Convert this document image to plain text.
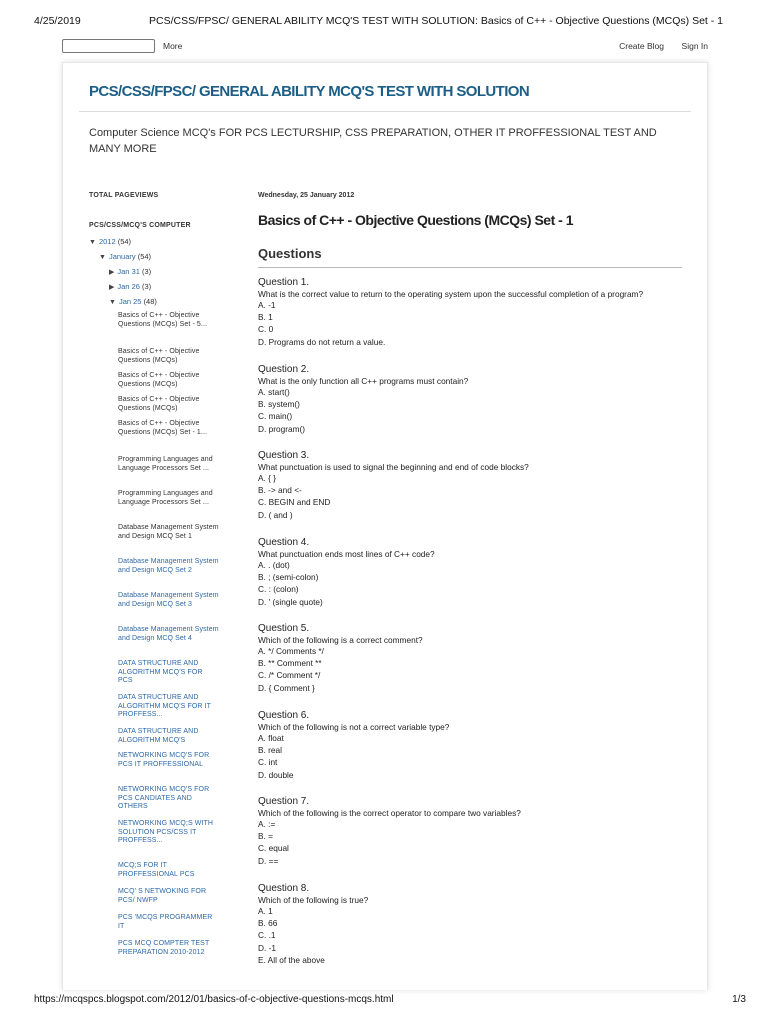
4/25/2019	PCS/CSS/FPSC/ GENERAL ABILITY MCQ'S TEST WITH SOLUTION: Basics of C++ - Objective Questions (MCQs) Set - 1
More	Create Blog Sign In
PCS/CSS/FPSC/ GENERAL ABILITY MCQ'S TEST WITH SOLUTION
Computer Science MCQ's FOR PCS LECTURSHIP, CSS PREPARATION, OTHER IT PROFFESSIONAL TEST AND MANY MORE
TOTAL PAGEVIEWS
PCS/CSS/MCQ'S COMPUTER
▼ 2012 (54)
▼ January (54)
▶ Jan 31 (3)
▶ Jan 26 (3)
▼ Jan 25 (48)
Basics of C++ - Objective Questions (MCQs) Set - 5...
Basics of C++ - Objective Questions (MCQs)
Basics of C++ - Objective Questions (MCQs)
Basics of C++ - Objective Questions (MCQs)
Basics of C++ - Objective Questions (MCQs) Set - 1...
Programming Languages and Language Processors Set ...
Programming Languages and Language Processors Set ...
Database Management System and Design MCQ Set 1
Database Management System and Design MCQ Set 2
Database Management System and Design MCQ Set 3
Database Management System and Design MCQ Set 4
DATA STRUCTURE AND ALGORITHM MCQ'S FOR PCS
DATA STRUCTURE AND ALGORITHM MCQ'S FOR IT PROFFESS...
DATA STRUCTURE AND ALGORITHM MCQ'S
NETWORKING MCQ'S FOR PCS IT PROFFESSIONAL
NETWORKING MCQ'S FOR PCS CANDIATES AND OTHERS
NETWORKING MCQ;S WITH SOLUTION PCS/CSS IT PROFFESS...
MCQ;S FOR IT PROFFESSIONAL PCS
MCQ' S NETWOKING FOR PCS/ NWFP
PCS 'MCQS PROGRAMMER IT
PCS MCQ COMPTER TEST PREPARATION 2010-2012
Wednesday, 25 January 2012
Basics of C++ - Objective Questions (MCQs) Set - 1
Questions
Question 1.
What is the correct value to return to the operating system upon the successful completion of a program?
A. -1
B. 1
C. 0
D. Programs do not return a value.
Question 2.
What is the only function all C++ programs must contain?
A. start()
B. system()
C. main()
D. program()
Question 3.
What punctuation is used to signal the beginning and end of code blocks?
A. { }
B. -> and <-
C. BEGIN and END
D. ( and )
Question 4.
What punctuation ends most lines of C++ code?
A. . (dot)
B. ; (semi-colon)
C. : (colon)
D. ' (single quote)
Question 5.
Which of the following is a correct comment?
A. */ Comments */
B. ** Comment **
C. /* Comment */
D. { Comment }
Question 6.
Which of the following is not a correct variable type?
A. float
B. real
C. int
D. double
Question 7.
Which of the following is the correct operator to compare two variables?
A. :=
B. =
C. equal
D. ==
Question 8.
Which of the following is true?
A. 1
B. 66
C. .1
D. -1
E. All of the above
https://mcqspcs.blogspot.com/2012/01/basics-of-c-objective-questions-mcqs.html	1/3
